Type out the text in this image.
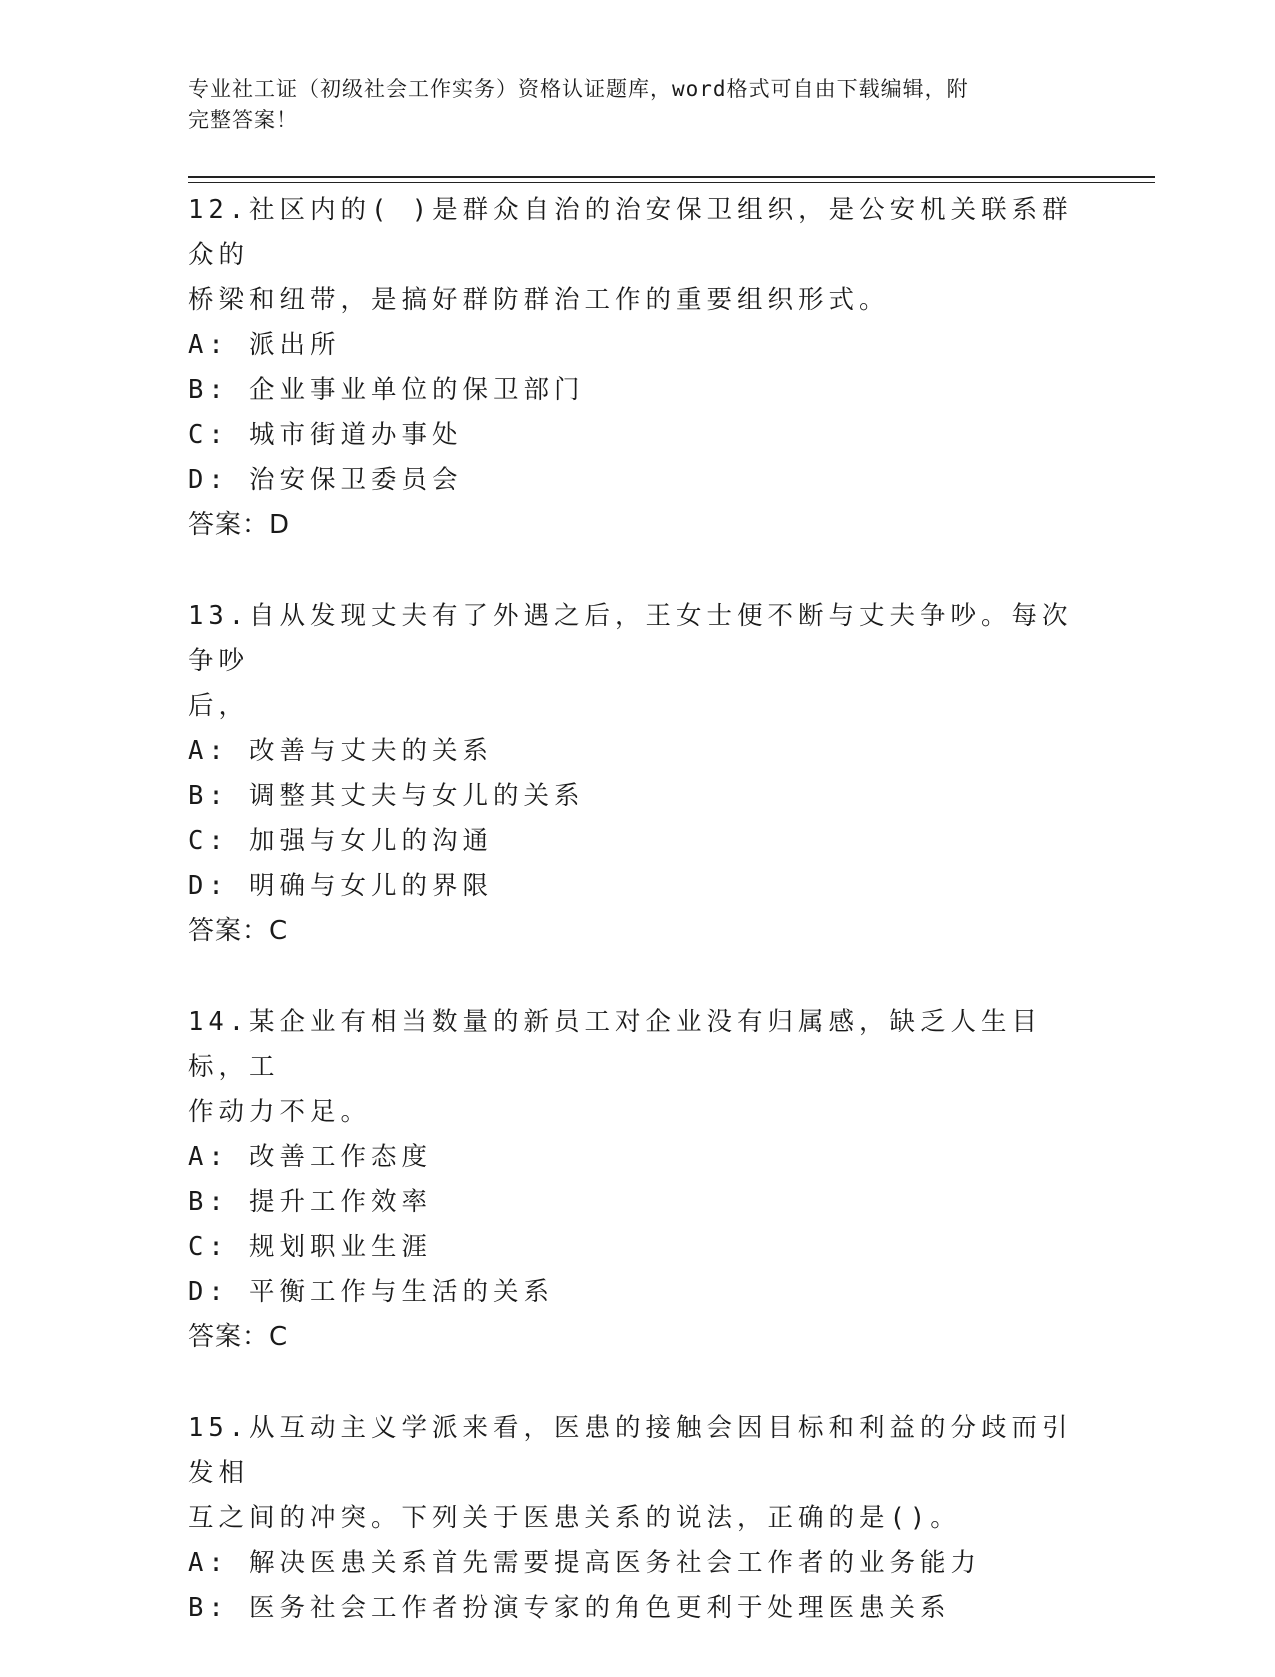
专业社工证（初级社会工作实务）资格认证题库，word格式可自由下载编辑，附
完整答案！
12.社区内的( )是群众自治的治安保卫组织，是公安机关联系群众的
桥梁和纽带，是搞好群防群治工作的重要组织形式。
A: 派出所
B: 企业事业单位的保卫部门
C: 城市街道办事处
D: 治安保卫委员会
答案：D
13.自从发现丈夫有了外遇之后，王女士便不断与丈夫争吵。每次争吵
后，
A: 改善与丈夫的关系
B: 调整其丈夫与女儿的关系
C: 加强与女儿的沟通
D: 明确与女儿的界限
答案：C
14.某企业有相当数量的新员工对企业没有归属感，缺乏人生目标，工
作动力不足。
A: 改善工作态度
B: 提升工作效率
C: 规划职业生涯
D: 平衡工作与生活的关系
答案：C
15.从互动主义学派来看，医患的接触会因目标和利益的分歧而引发相
互之间的冲突。下列关于医患关系的说法，正确的是()。
A: 解决医患关系首先需要提高医务社会工作者的业务能力
B: 医务社会工作者扮演专家的角色更利于处理医患关系
